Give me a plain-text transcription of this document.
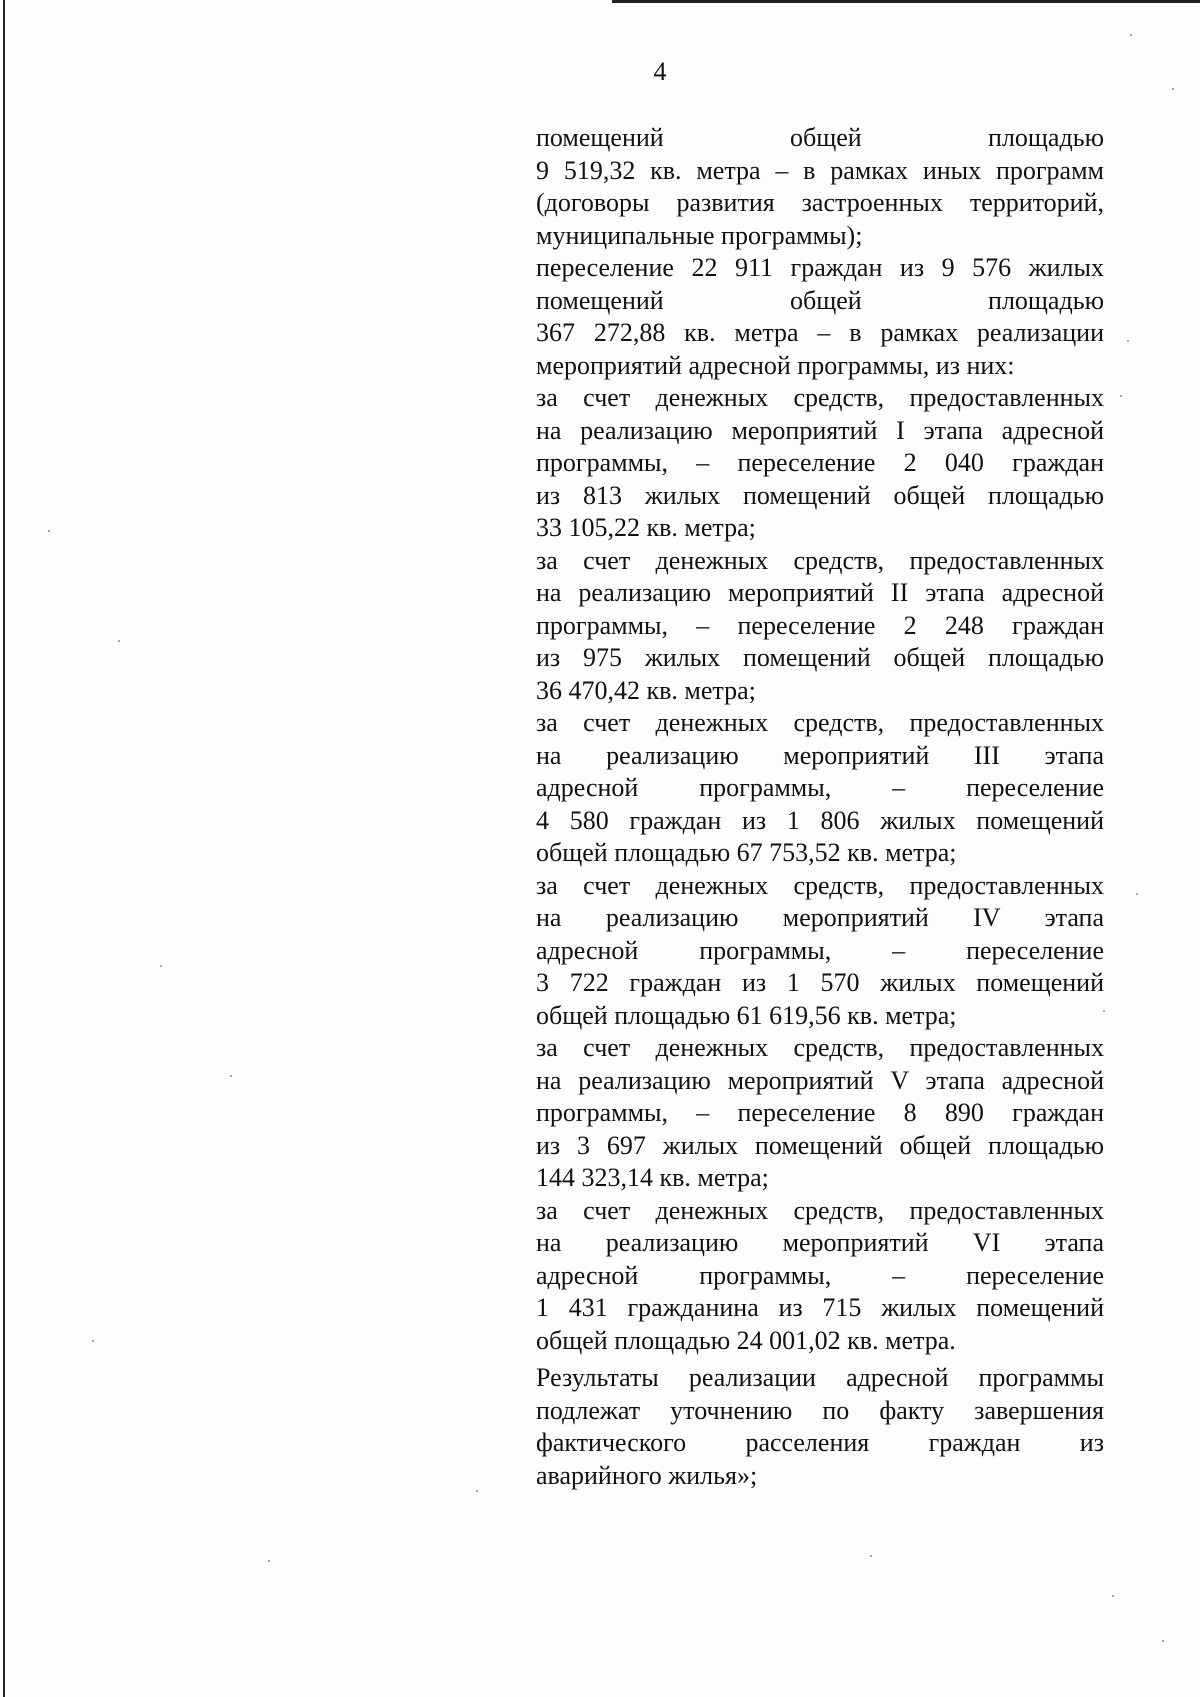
4
помещений общей площадью
9 519,32 кв. метра – в рамках иных программ
(договоры развития застроенных территорий,
муниципальные программы);
переселение 22 911 граждан из 9 576 жилых
помещений общей площадью
367 272,88 кв. метра – в рамках реализации
мероприятий адресной программы, из них:
за счет денежных средств, предоставленных
на реализацию мероприятий I этапа адресной
программы, – переселение 2 040 граждан
из 813 жилых помещений общей площадью
33 105,22 кв. метра;
за счет денежных средств, предоставленных
на реализацию мероприятий II этапа адресной
программы, – переселение 2 248 граждан
из 975 жилых помещений общей площадью
36 470,42 кв. метра;
за счет денежных средств, предоставленных
на реализацию мероприятий III этапа
адресной программы, – переселение
4 580 граждан из 1 806 жилых помещений
общей площадью 67 753,52 кв. метра;
за счет денежных средств, предоставленных
на реализацию мероприятий IV этапа
адресной программы, – переселение
3 722 граждан из 1 570 жилых помещений
общей площадью 61 619,56 кв. метра;
за счет денежных средств, предоставленных
на реализацию мероприятий V этапа адресной
программы, – переселение 8 890 граждан
из 3 697 жилых помещений общей площадью
144 323,14 кв. метра;
за счет денежных средств, предоставленных
на реализацию мероприятий VI этапа
адресной программы, – переселение
1 431 гражданина из 715 жилых помещений
общей площадью 24 001,02 кв. метра.
Результаты реализации адресной программы
подлежат уточнению по факту завершения
фактического расселения граждан из
аварийного жилья»;
